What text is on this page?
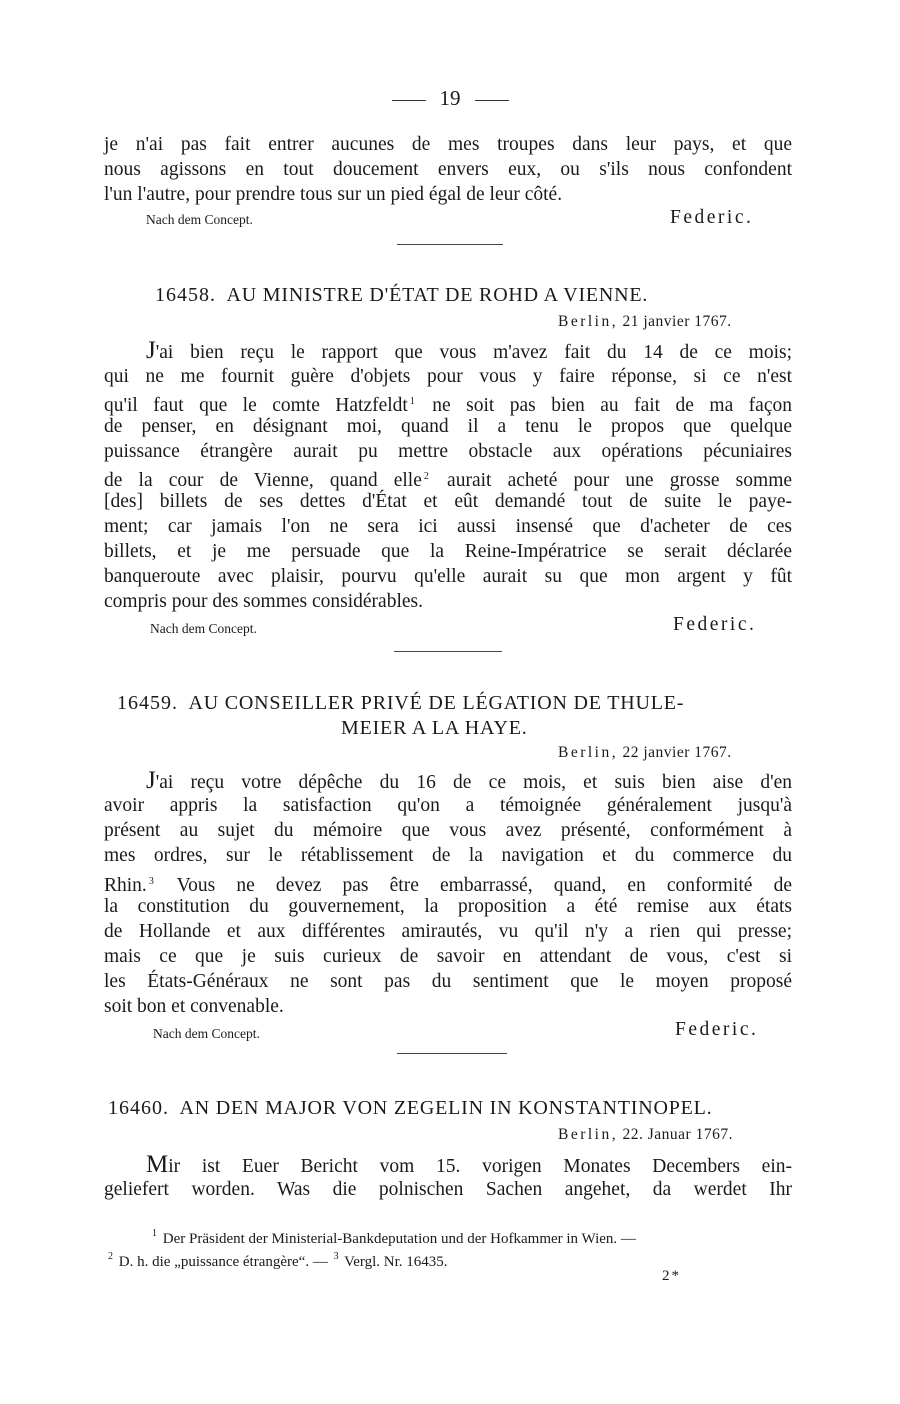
19
je n'ai pas fait entrer aucunes de mes troupes dans leur pays, et que
nous agissons en tout doucement envers eux, ou s'ils nous confondent
l'un l'autre, pour prendre tous sur un pied égal de leur côté.
Nach dem Concept.	Federic.
16458. AU MINISTRE D'ÉTAT DE ROHD A VIENNE.
Berlin, 21 janvier 1767.
J'ai bien reçu le rapport que vous m'avez fait du 14 de ce mois;
qui ne me fournit guère d'objets pour vous y faire réponse, si ce n'est
qu'il faut que le comte Hatzfeldt $^1$ ne soit pas bien au fait de ma façon
de penser, en désignant moi, quand il a tenu le propos que quelque
puissance étrangère aurait pu mettre obstacle aux opérations pécuniaires
de la cour de Vienne, quand elle $^2$ aurait acheté pour une grosse somme
[des] billets de ses dettes d'État et eût demandé tout de suite le paye-
ment; car jamais l'on ne sera ici aussi insensé que d'acheter de ces
billets, et je me persuade que la Reine-Impératrice se serait déclarée
banqueroute avec plaisir, pourvu qu'elle aurait su que mon argent y fût
compris pour des sommes considérables.
Nach dem Concept.	Federic.
16459. AU CONSEILLER PRIVÉ DE LÉGATION DE THULE-
MEIER A LA HAYE.
Berlin, 22 janvier 1767.
J'ai reçu votre dépêche du 16 de ce mois, et suis bien aise d'en
avoir appris la satisfaction qu'on a témoignée généralement jusqu'à
présent au sujet du mémoire que vous avez présenté, conformément à
mes ordres, sur le rétablissement de la navigation et du commerce du
Rhin. $^3$ Vous ne devez pas être embarrassé, quand, en conformité de
la constitution du gouvernement, la proposition a été remise aux états
de Hollande et aux différentes amirautés, vu qu'il n'y a rien qui presse;
mais ce que je suis curieux de savoir en attendant de vous, c'est si
les États-Généraux ne sont pas du sentiment que le moyen proposé
soit bon et convenable.
Nach dem Concept.	Federic.
16460. AN DEN MAJOR VON ZEGELIN IN KONSTANTINOPEL.
Berlin, 22. Januar 1767.
Mir ist Euer Bericht vom 15. vorigen Monates Decembers ein-
geliefert worden. Was die polnischen Sachen angehet, da werdet Ihr
$^1$ Der Präsident der Ministerial-Bankdeputation und der Hofkammer in Wien. —
$^2$ D. h. die „puissance étrangère“. — $^3$ Vergl. Nr. 16435.
2*
